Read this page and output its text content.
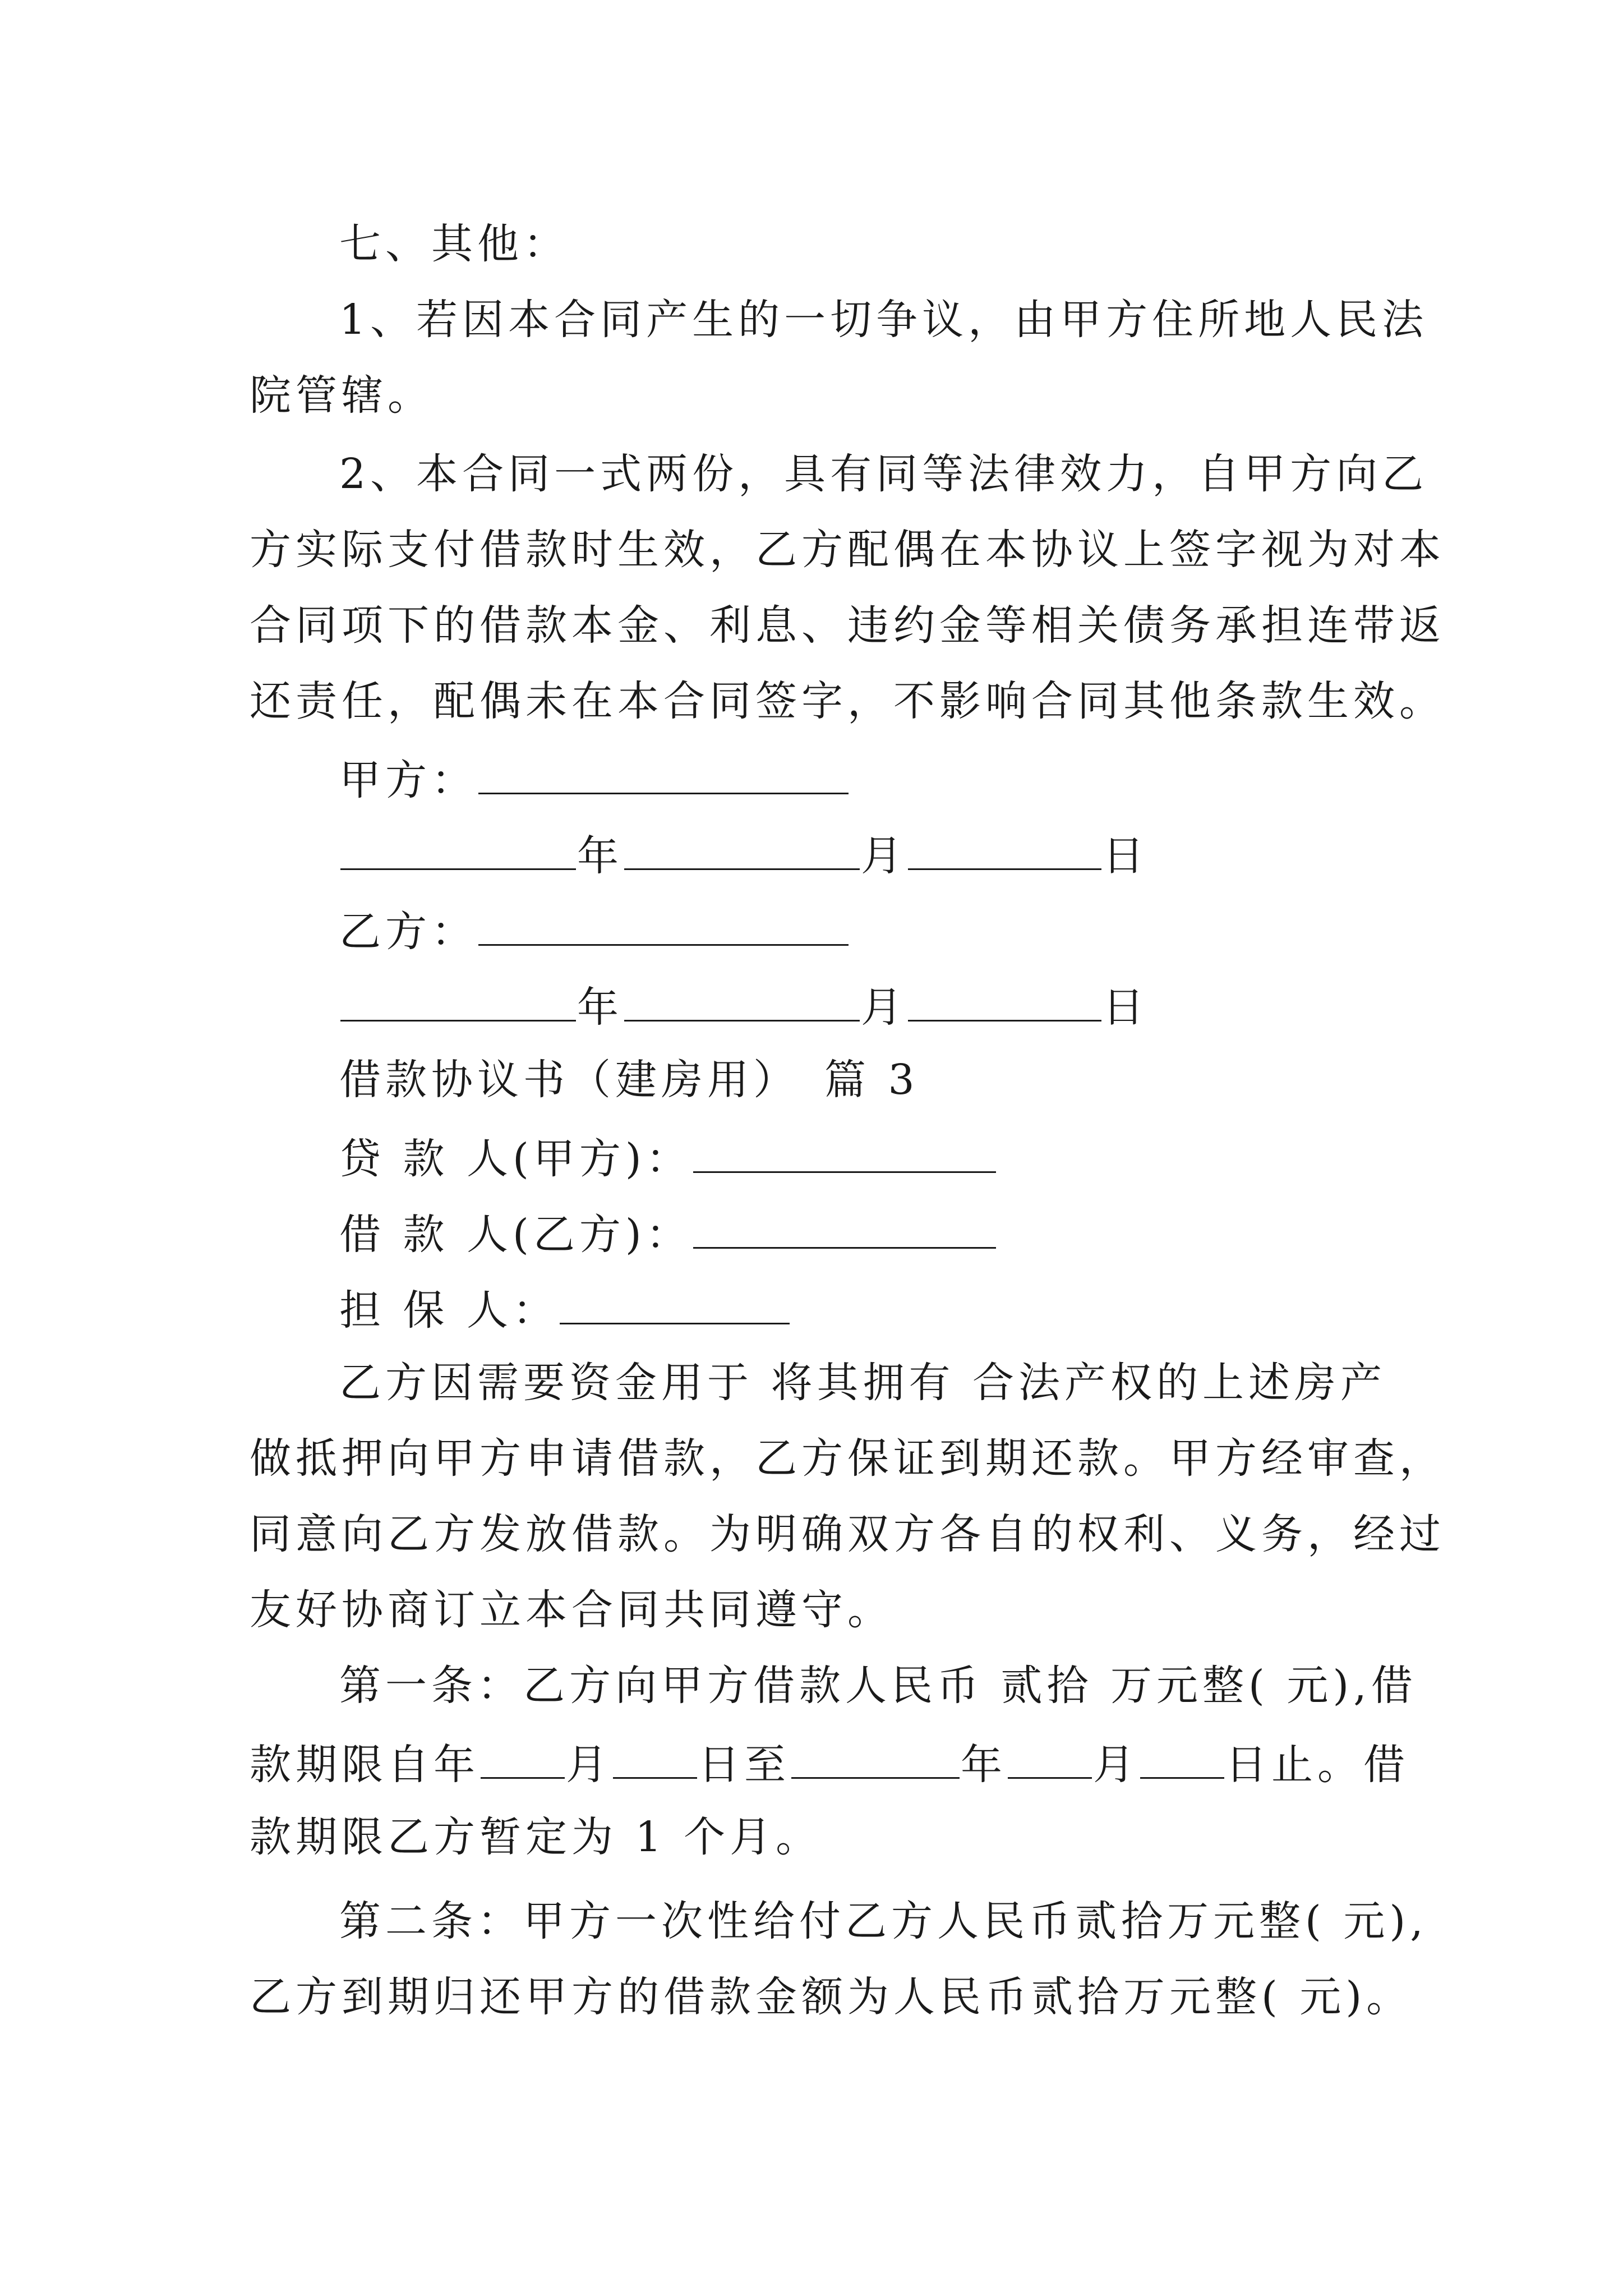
七、其他：
1、若因本合同产生的一切争议，由甲方住所地人民法
院管辖。
2、本合同一式两份，具有同等法律效力，自甲方向乙
方实际支付借款时生效，乙方配偶在本协议上签字视为对本
合同项下的借款本金、利息、违约金等相关债务承担连带返
还责任，配偶未在本合同签字，不影响合同其他条款生效。
甲方：
年	月	日
乙方：
年	月	日
借款协议书（建房用）　篇 3
贷 款 人(甲方)：
借 款 人(乙方)：
担 保 人：
乙方因需要资金用于 将其拥有 合法产权的上述房产
做抵押向甲方申请借款，乙方保证到期还款。甲方经审查，
同意向乙方发放借款。为明确双方各自的权利、义务，经过
友好协商订立本合同共同遵守。
第一条：乙方向甲方借款人民币 贰拾 万元整( 元),借
款期限自年 月 日至	年 月 日止。借
款期限乙方暂定为 1 个月。
第二条：甲方一次性给付乙方人民币贰拾万元整( 元),
乙方到期归还甲方的借款金额为人民币贰拾万元整( 元)。
